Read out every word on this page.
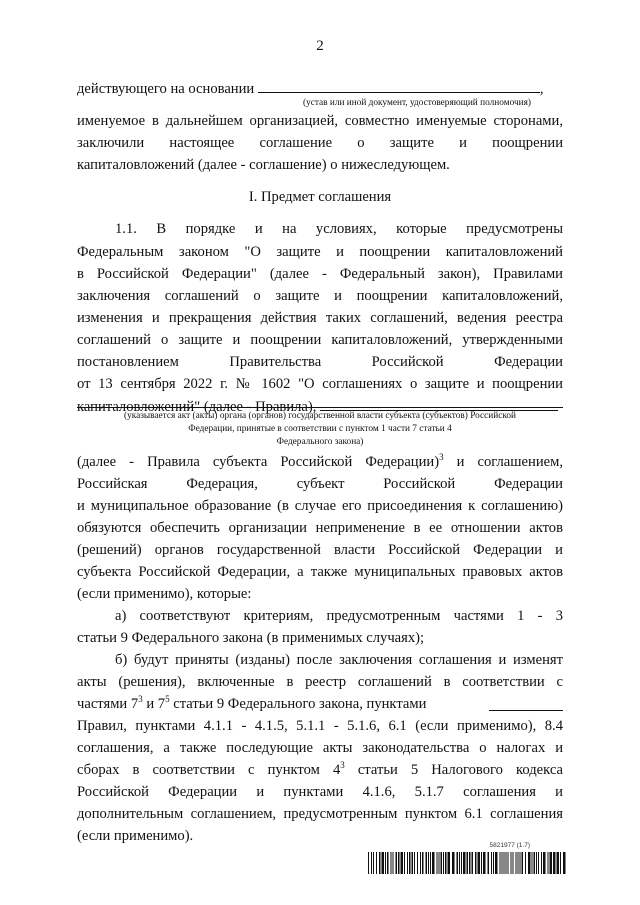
2
действующего на основании	,
(устав или иной документ, удостоверяющий полномочия)
именуемое в дальнейшем организацией, совместно именуемые сторонами,
заключили настоящее соглашение о защите и поощрении
капиталовложений (далее - соглашение) о нижеследующем.
I. Предмет соглашения
1.1. В порядке и на условиях, которые предусмотрены
Федеральным законом "О защите и поощрении капиталовложений
в Российской Федерации" (далее - Федеральный закон), Правилами
заключения соглашений о защите и поощрении капиталовложений,
изменения и прекращения действия таких соглашений, ведения реестра
соглашений о защите и поощрении капиталовложений, утвержденными
постановлением Правительства Российской Федерации
от 13 сентября 2022 г. № 1602 "О соглашениях о защите и поощрении
капиталовложений" (далее - Правила),
(указывается акт (акты) органа (органов) государственной власти субъекта (субъектов) Российской
Федерации, принятые в соответствии с пунктом 1 части 7 статьи 4
Федерального закона)
(далее - Правила субъекта Российской Федерации)$^3$ и соглашением,
Российская Федерация, субъект Российской Федерации
и муниципальное образование (в случае его присоединения к соглашению)
обязуются обеспечить организации неприменение в ее отношении актов
(решений) органов государственной власти Российской Федерации и
субъекта Российской Федерации, а также муниципальных правовых актов
(если применимо), которые:
а) соответствуют критериям, предусмотренным частями 1 - 3
статьи 9 Федерального закона (в применимых случаях);
б) будут приняты (изданы) после заключения соглашения и изменят
акты (решения), включенные в реестр соглашений в соответствии с
частями $7^3$ и $7^5$ статьи 9 Федерального закона, пунктами
Правил, пунктами 4.1.1 - 4.1.5, 5.1.1 - 5.1.6, 6.1 (если применимо), 8.4
соглашения, а также последующие акты законодательства о налогах и
сборах в соответствии с пунктом $4^3$ статьи 5 Налогового кодекса
Российской Федерации и пунктами 4.1.6, 5.1.7 соглашения и
дополнительным соглашением, предусмотренным пунктом 6.1 соглашения
(если применимо).
5821977 (1.7)
